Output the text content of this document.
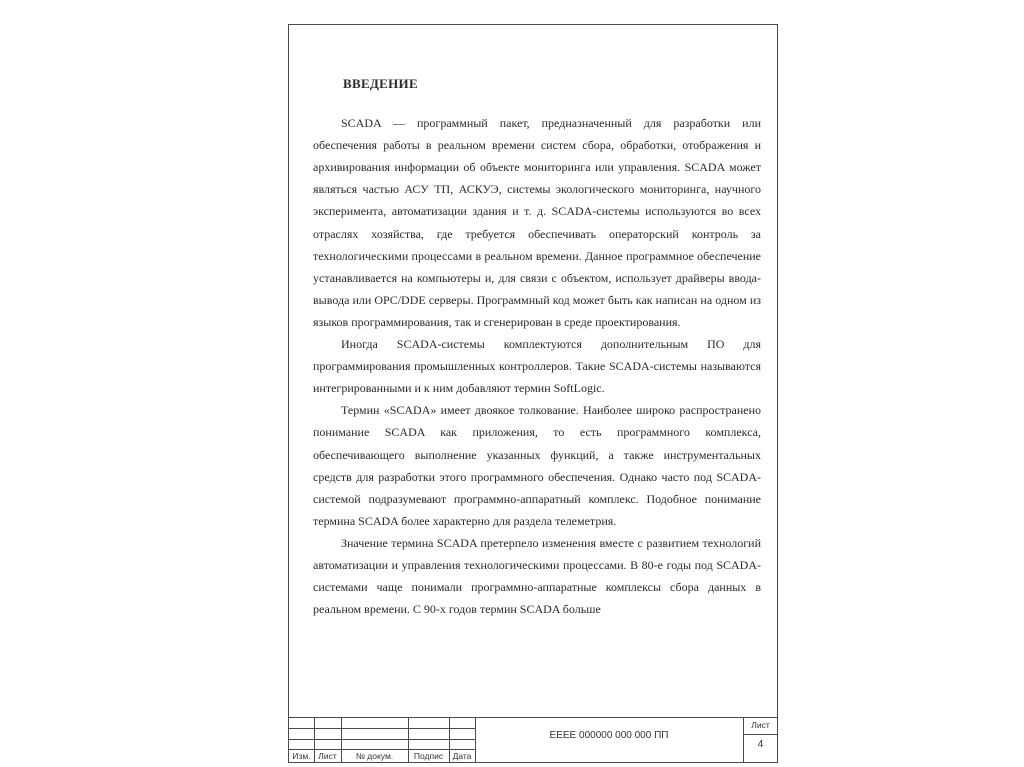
ВВЕДЕНИЕ

SCADA — программный пакет, предназначенный для разработки или обеспечения работы в реальном времени систем сбора, обработки, отображения и архивирования информации об объекте мониторинга или управления. SCADA может являться частью АСУ ТП, АСКУЭ, системы экологического мониторинга, научного эксперимента, автоматизации здания и т. д. SCADA-системы используются во всех отраслях хозяйства, где требуется обеспечивать операторский контроль за технологическими процессами в реальном времени. Данное программное обеспечение устанавливается на компьютеры и, для связи с объектом, использует драйверы ввода-вывода или OPC/DDE серверы. Программный код может быть как написан на одном из языков программирования, так и сгенерирован в среде проектирования.

Иногда SCADA-системы комплектуются дополнительным ПО для программирования промышленных контроллеров. Такие SCADA-системы называются интегрированными и к ним добавляют термин SoftLogic.

Термин «SCADA» имеет двоякое толкование. Наиболее широко распространено понимание SCADA как приложения, то есть программного комплекса, обеспечивающего выполнение указанных функций, а также инструментальных средств для разработки этого программного обеспечения. Однако часто под SCADA-системой подразумевают программно-аппаратный комплекс. Подобное понимание термина SCADA более характерно для раздела телеметрия.

Значение термина SCADA претерпело изменения вместе с развитием технологий автоматизации и управления технологическими процессами. В 80-е годы под SCADA-системами чаще понимали программно-аппаратные комплексы сбора данных в реальном времени. С 90-х годов термин SCADA больше

Изм. Лист	№ докум.	Подпис	Дата
ЕЕЕЕ 000000 000 000 ПП
Лист
4
